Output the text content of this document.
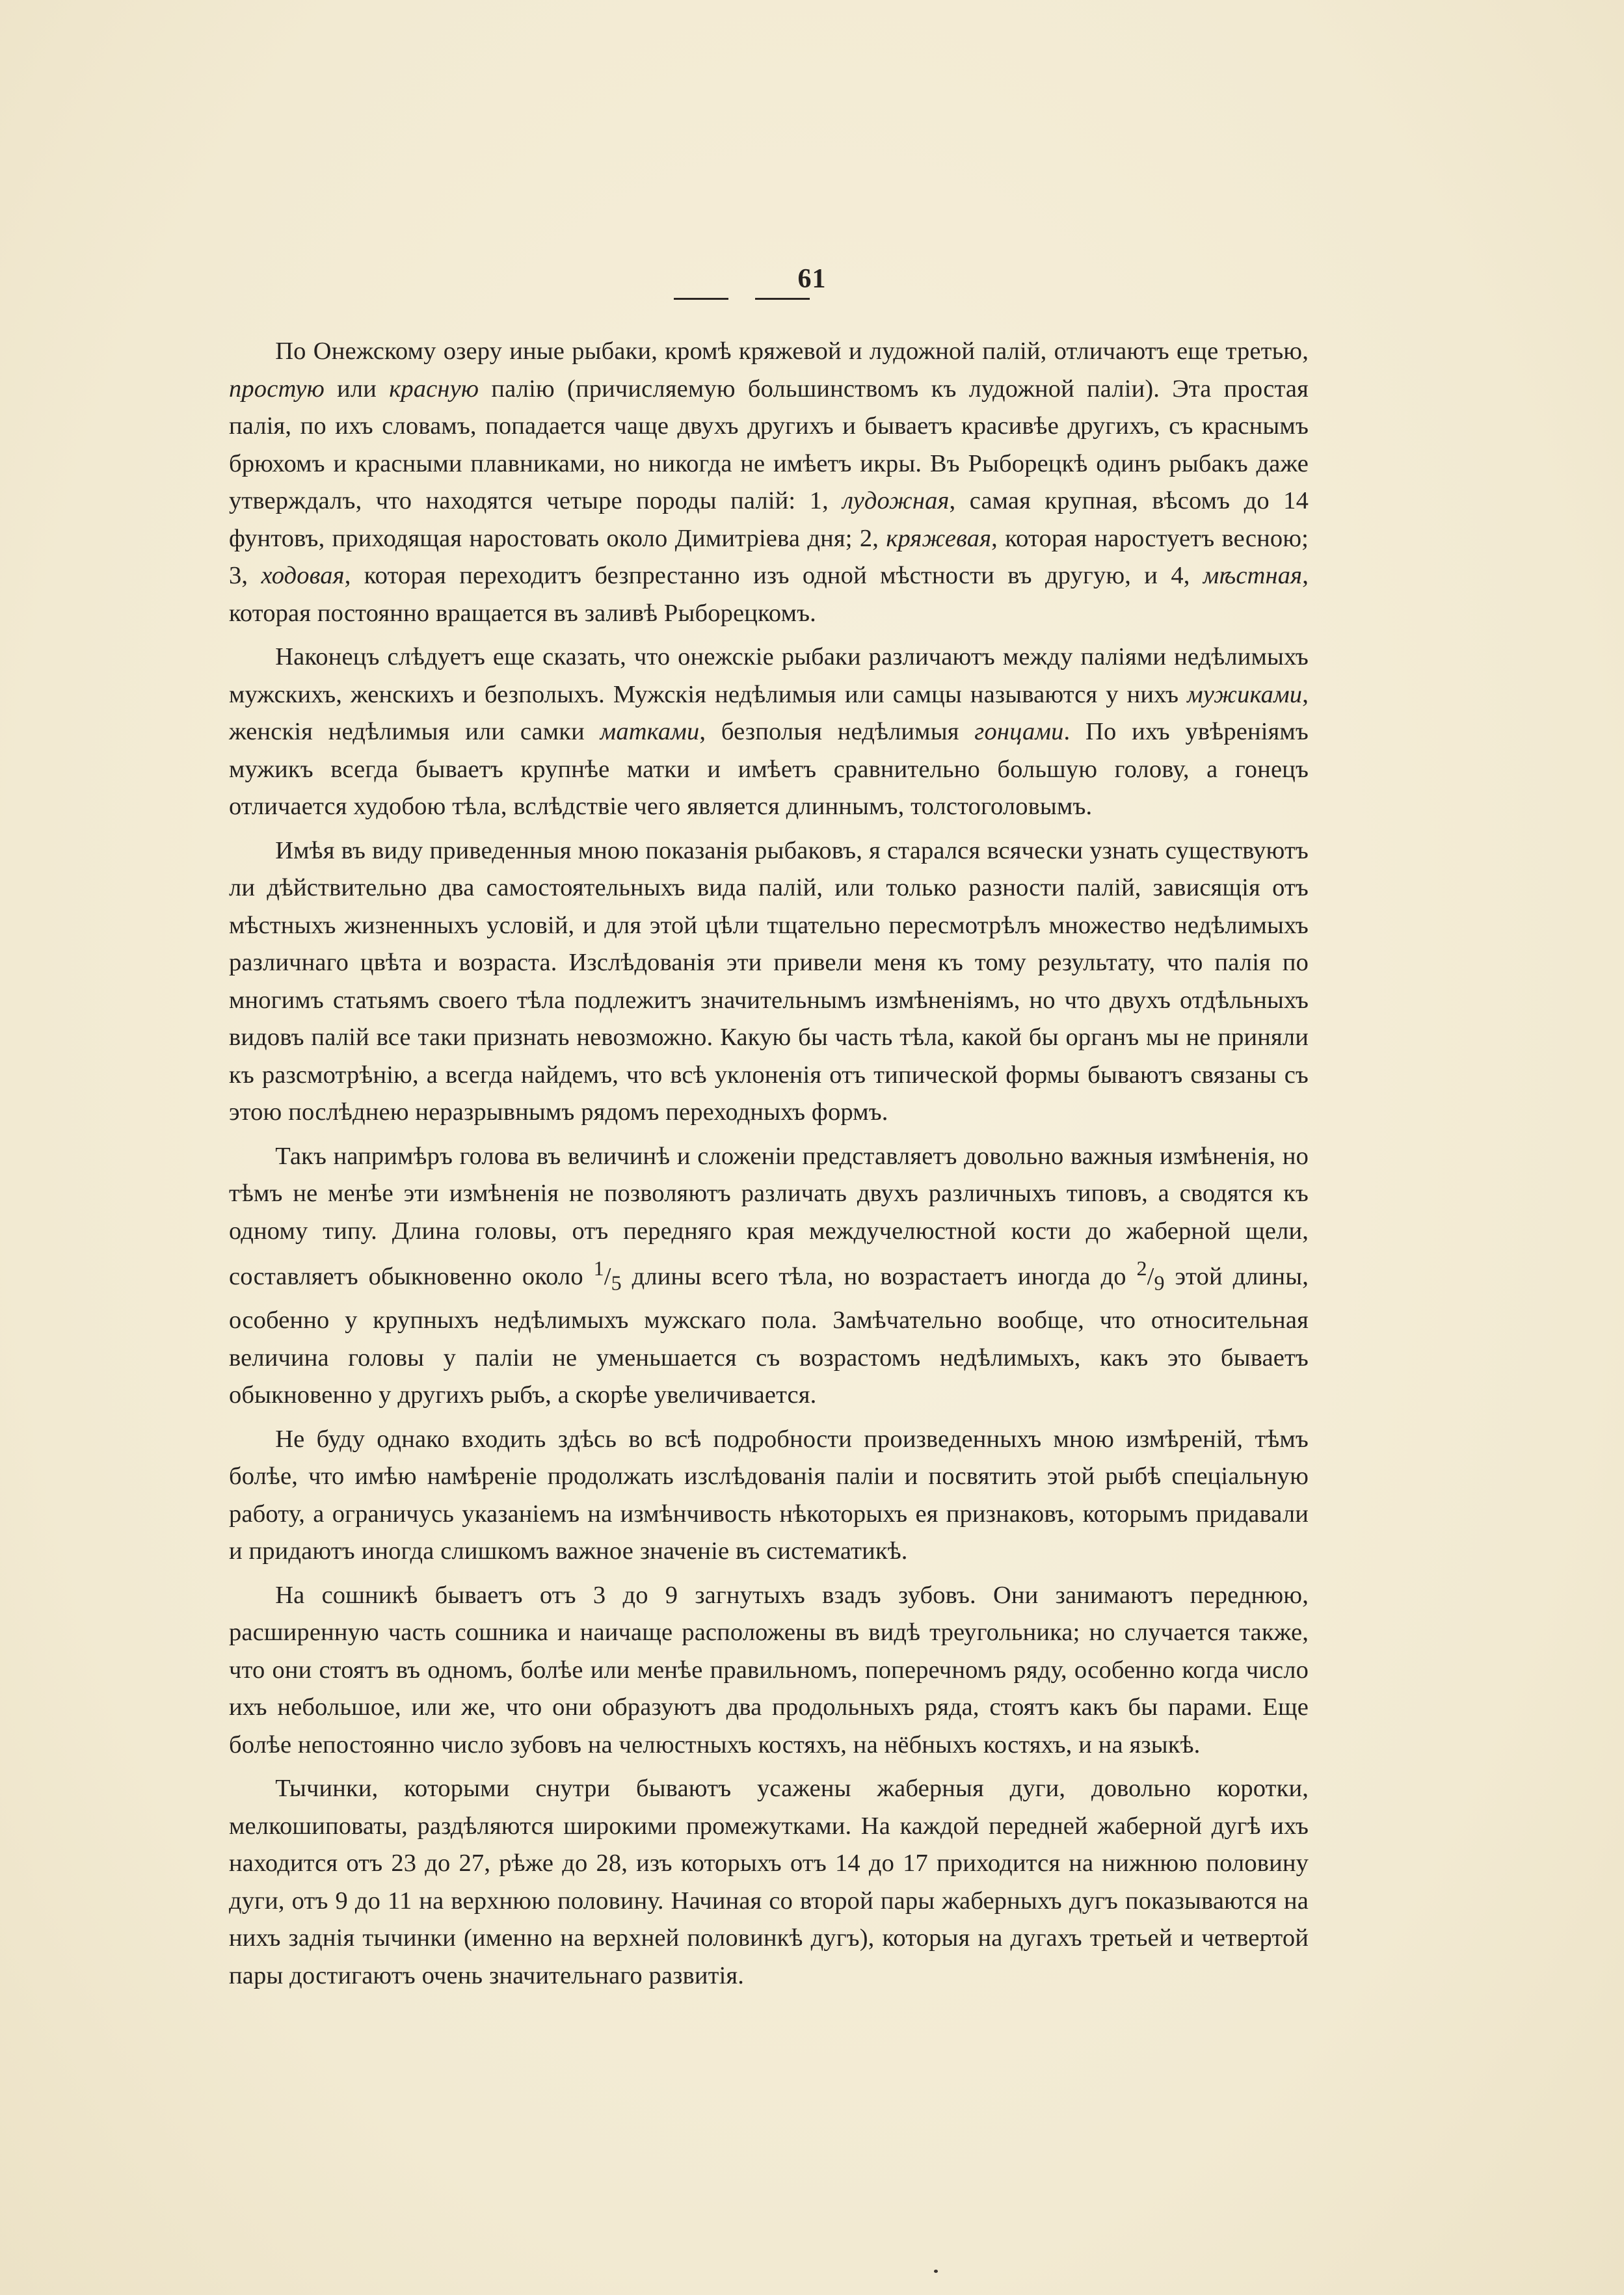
61

По Онежскому озеру иные рыбаки, кромѣ кряжевой и лудожной палій, отличаютъ еще третью, простую или красную палію (причисляемую большинствомъ къ лудожной паліи). Эта простая палія, по ихъ словамъ, попадается чаще двухъ другихъ и бываетъ красивѣе другихъ, съ краснымъ брюхомъ и красными плавниками, но никогда не имѣетъ икры. Въ Рыборецкѣ одинъ рыбакъ даже утверждалъ, что находятся четыре породы палій: 1, лудожная, самая крупная, вѣсомъ до 14 фунтовъ, приходящая наростовать около Димитріева дня; 2, кряжевая, которая наростуетъ весною; 3, ходовая, которая переходитъ безпрестанно изъ одной мѣстности въ другую, и 4, мѣстная, которая постоянно вращается въ заливѣ Рыборецкомъ.

Наконецъ слѣдуетъ еще сказать, что онежскіе рыбаки различаютъ между паліями недѣлимыхъ мужскихъ, женскихъ и безполыхъ. Мужскія недѣлимыя или самцы называются у нихъ мужиками, женскія недѣлимыя или самки матками, безполыя недѣлимыя гонцами. По ихъ увѣреніямъ мужикъ всегда бываетъ крупнѣе матки и имѣетъ сравнительно большую голову, а гонецъ отличается худобою тѣла, вслѣдствіе чего является длиннымъ, толстоголовымъ.

Имѣя въ виду приведенныя мною показанія рыбаковъ, я старался всячески узнать существуютъ ли дѣйствительно два самостоятельныхъ вида палій, или только разности палій, зависящія отъ мѣстныхъ жизненныхъ условій, и для этой цѣли тщательно пересмотрѣлъ множество недѣлимыхъ различнаго цвѣта и возраста. Изслѣдованія эти привели меня къ тому результату, что палія по многимъ статьямъ своего тѣла подлежитъ значительнымъ измѣненіямъ, но что двухъ отдѣльныхъ видовъ палій все таки признать невозможно. Какую бы часть тѣла, какой бы органъ мы не приняли къ разсмотрѣнію, а всегда найдемъ, что всѣ уклоненія отъ типической формы бываютъ связаны съ этою послѣднею неразрывнымъ рядомъ переходныхъ формъ.

Такъ напримѣръ голова въ величинѣ и сложеніи представляетъ довольно важныя измѣненія, но тѣмъ не менѣе эти измѣненія не позволяютъ различать двухъ различныхъ типовъ, а сводятся къ одному типу. Длина головы, отъ передняго края междучелюстной кости до жаберной щели, составляетъ обыкновенно около $^1/_5$ длины всего тѣла, но возрастаетъ иногда до $^2/_9$ этой длины, особенно у крупныхъ недѣлимыхъ мужскаго пола. Замѣчательно вообще, что относительная величина головы у паліи не уменьшается съ возрастомъ недѣлимыхъ, какъ это бываетъ обыкновенно у другихъ рыбъ, а скорѣе увеличивается.

Не буду однако входить здѣсь во всѣ подробности произведенныхъ мною измѣреній, тѣмъ болѣе, что имѣю намѣреніе продолжать изслѣдованія паліи и посвятить этой рыбѣ спеціальную работу, а ограничусь указаніемъ на измѣнчивость нѣкоторыхъ ея признаковъ, которымъ придавали и придаютъ иногда слишкомъ важное значеніе въ систематикѣ.

На сошникѣ бываетъ отъ 3 до 9 загнутыхъ взадъ зубовъ. Они занимаютъ переднюю, расширенную часть сошника и наичаще расположены въ видѣ треугольника; но случается также, что они стоятъ въ одномъ, болѣе или менѣе правильномъ, поперечномъ ряду, особенно когда число ихъ небольшое, или же, что они образуютъ два продольныхъ ряда, стоятъ какъ бы парами. Еще болѣе непостоянно число зубовъ на челюстныхъ костяхъ, на нёбныхъ костяхъ, и на языкѣ.

Тычинки, которыми снутри бываютъ усажены жаберныя дуги, довольно коротки, мелкошиповаты, раздѣляются широкими промежутками. На каждой передней жаберной дугѣ ихъ находится отъ 23 до 27, рѣже до 28, изъ которыхъ отъ 14 до 17 приходится на нижнюю половину дуги, отъ 9 до 11 на верхнюю половину. Начиная со второй пары жаберныхъ дугъ показываются на нихъ заднія тычинки (именно на верхней половинкѣ дугъ), которыя на дугахъ третьей и четвертой пары достигаютъ очень значительнаго развитія.
